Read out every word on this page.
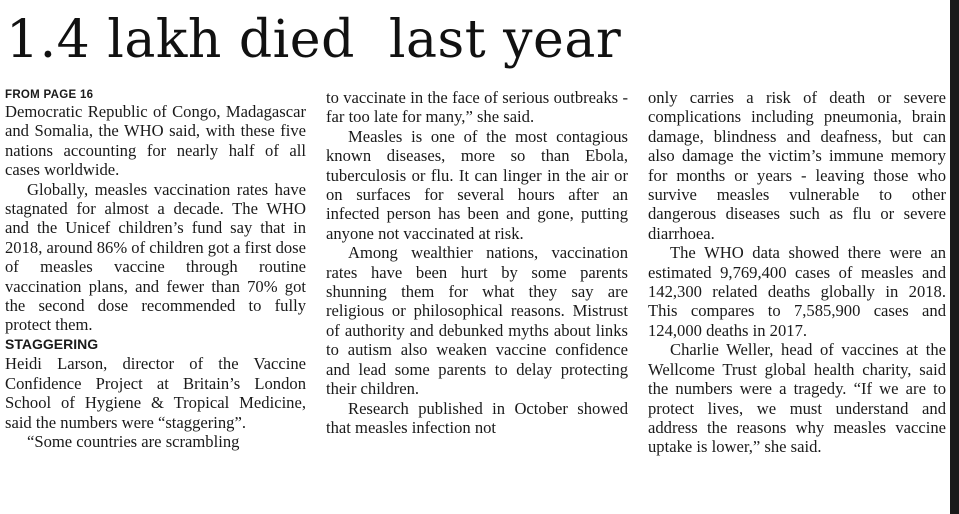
1.4 lakh died  last year

FROM PAGE 16

Democratic Republic of Congo, Madagascar and Somalia, the WHO said, with these five nations accounting for nearly half of all cases worldwide.

Globally, measles vaccination rates have stagnated for almost a decade. The WHO and the Unicef children’s fund say that in 2018, around 86% of children got a first dose of measles vaccine through routine vaccination plans, and fewer than 70% got the second dose recommended to fully protect them.

STAGGERING

Heidi Larson, director of the Vaccine Confidence Project at Britain’s London School of Hygiene & Tropical Medicine, said the numbers were “staggering”.

“Some countries are scrambling

to vaccinate in the face of serious outbreaks - far too late for many,” she said.

Measles is one of the most contagious known diseases, more so than Ebola, tuberculosis or flu. It can linger in the air or on surfaces for several hours after an infected person has been and gone, putting anyone not vaccinated at risk.

Among wealthier nations, vaccination rates have been hurt by some parents shunning them for what they say are religious or philosophical reasons. Mistrust of authority and debunked myths about links to autism also weaken vaccine confidence and lead some parents to delay protecting their children.

Research published in October showed that measles infection not

only carries a risk of death or severe complications including pneumonia, brain damage, blindness and deafness, but can also damage the victim’s immune memory for months or years - leaving those who survive measles vulnerable to other dangerous diseases such as flu or severe diarrhoea.

The WHO data showed there were an estimated 9,769,400 cases of measles and 142,300 related deaths globally in 2018. This compares to 7,585,900 cases and 124,000 deaths in 2017.

Charlie Weller, head of vaccines at the Wellcome Trust global health charity, said the numbers were a tragedy. “If we are to protect lives, we must understand and address the reasons why measles vaccine uptake is lower,” she said.
